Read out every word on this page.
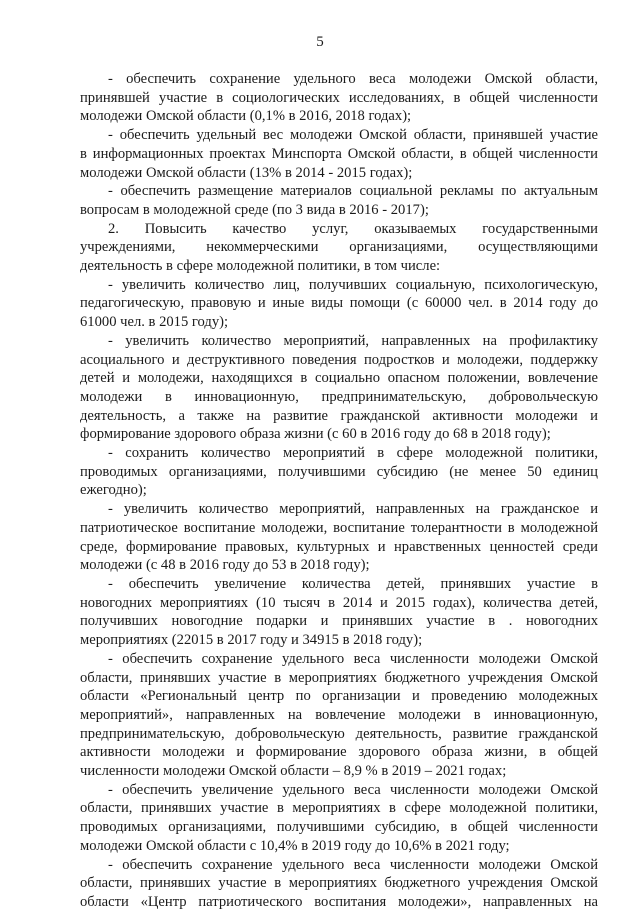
5
- обеспечить сохранение удельного веса молодежи Омской области,
принявшей участие в социологических исследованиях, в общей численности
молодежи Омской области (0,1% в 2016, 2018 годах);
- обеспечить удельный вес молодежи Омской области, принявшей участие
в информационных проектах Минспорта Омской области, в общей численности
молодежи Омской области (13% в 2014 - 2015 годах);
- обеспечить размещение материалов социальной рекламы по актуальным
вопросам в молодежной среде (по 3 вида в 2016 - 2017);
2. Повысить качество услуг, оказываемых государственными
учреждениями, некоммерческими организациями, осуществляющими
деятельность в сфере молодежной политики, в том числе:
- увеличить количество лиц, получивших социальную, психологическую,
педагогическую, правовую и иные виды помощи (с 60000 чел. в 2014 году до
61000 чел. в 2015 году);
- увеличить количество мероприятий, направленных на профилактику
асоциального и деструктивного поведения подростков и молодежи, поддержку
детей и молодежи, находящихся в социально опасном положении, вовлечение
молодежи в инновационную, предпринимательскую, добровольческую
деятельность, а также на развитие гражданской активности молодежи и
формирование здорового образа жизни (с 60 в 2016 году до 68 в 2018 году);
- сохранить количество мероприятий в сфере молодежной политики,
проводимых организациями, получившими субсидию (не менее 50 единиц
ежегодно);
- увеличить количество мероприятий, направленных на гражданское и
патриотическое воспитание молодежи, воспитание толерантности в молодежной
среде, формирование правовых, культурных и нравственных ценностей среди
молодежи (с 48 в 2016 году до 53 в 2018 году);
- обеспечить увеличение количества детей, принявших участие в
новогодних мероприятиях (10 тысяч в 2014 и 2015 годах), количества детей,
получивших новогодние подарки и принявших участие в . новогодних
мероприятиях (22015 в 2017 году и 34915 в 2018 году);
- обеспечить сохранение удельного веса численности молодежи Омской
области, принявших участие в мероприятиях бюджетного учреждения Омской
области «Региональный центр по организации и проведению молодежных
мероприятий», направленных на вовлечение молодежи в инновационную,
предпринимательскую, добровольческую деятельность, развитие гражданской
активности молодежи и формирование здорового образа жизни, в общей
численности молодежи Омской области – 8,9 % в 2019 – 2021 годах;
- обеспечить увеличение удельного веса численности молодежи Омской
области, принявших участие в мероприятиях в сфере молодежной политики,
проводимых организациями, получившими субсидию, в общей численности
молодежи Омской области с 10,4% в 2019 году до 10,6% в 2021 году;
- обеспечить сохранение удельного веса численности молодежи Омской
области, принявших участие в мероприятиях бюджетного учреждения Омской
области «Центр патриотического воспитания молодежи», направленных на
